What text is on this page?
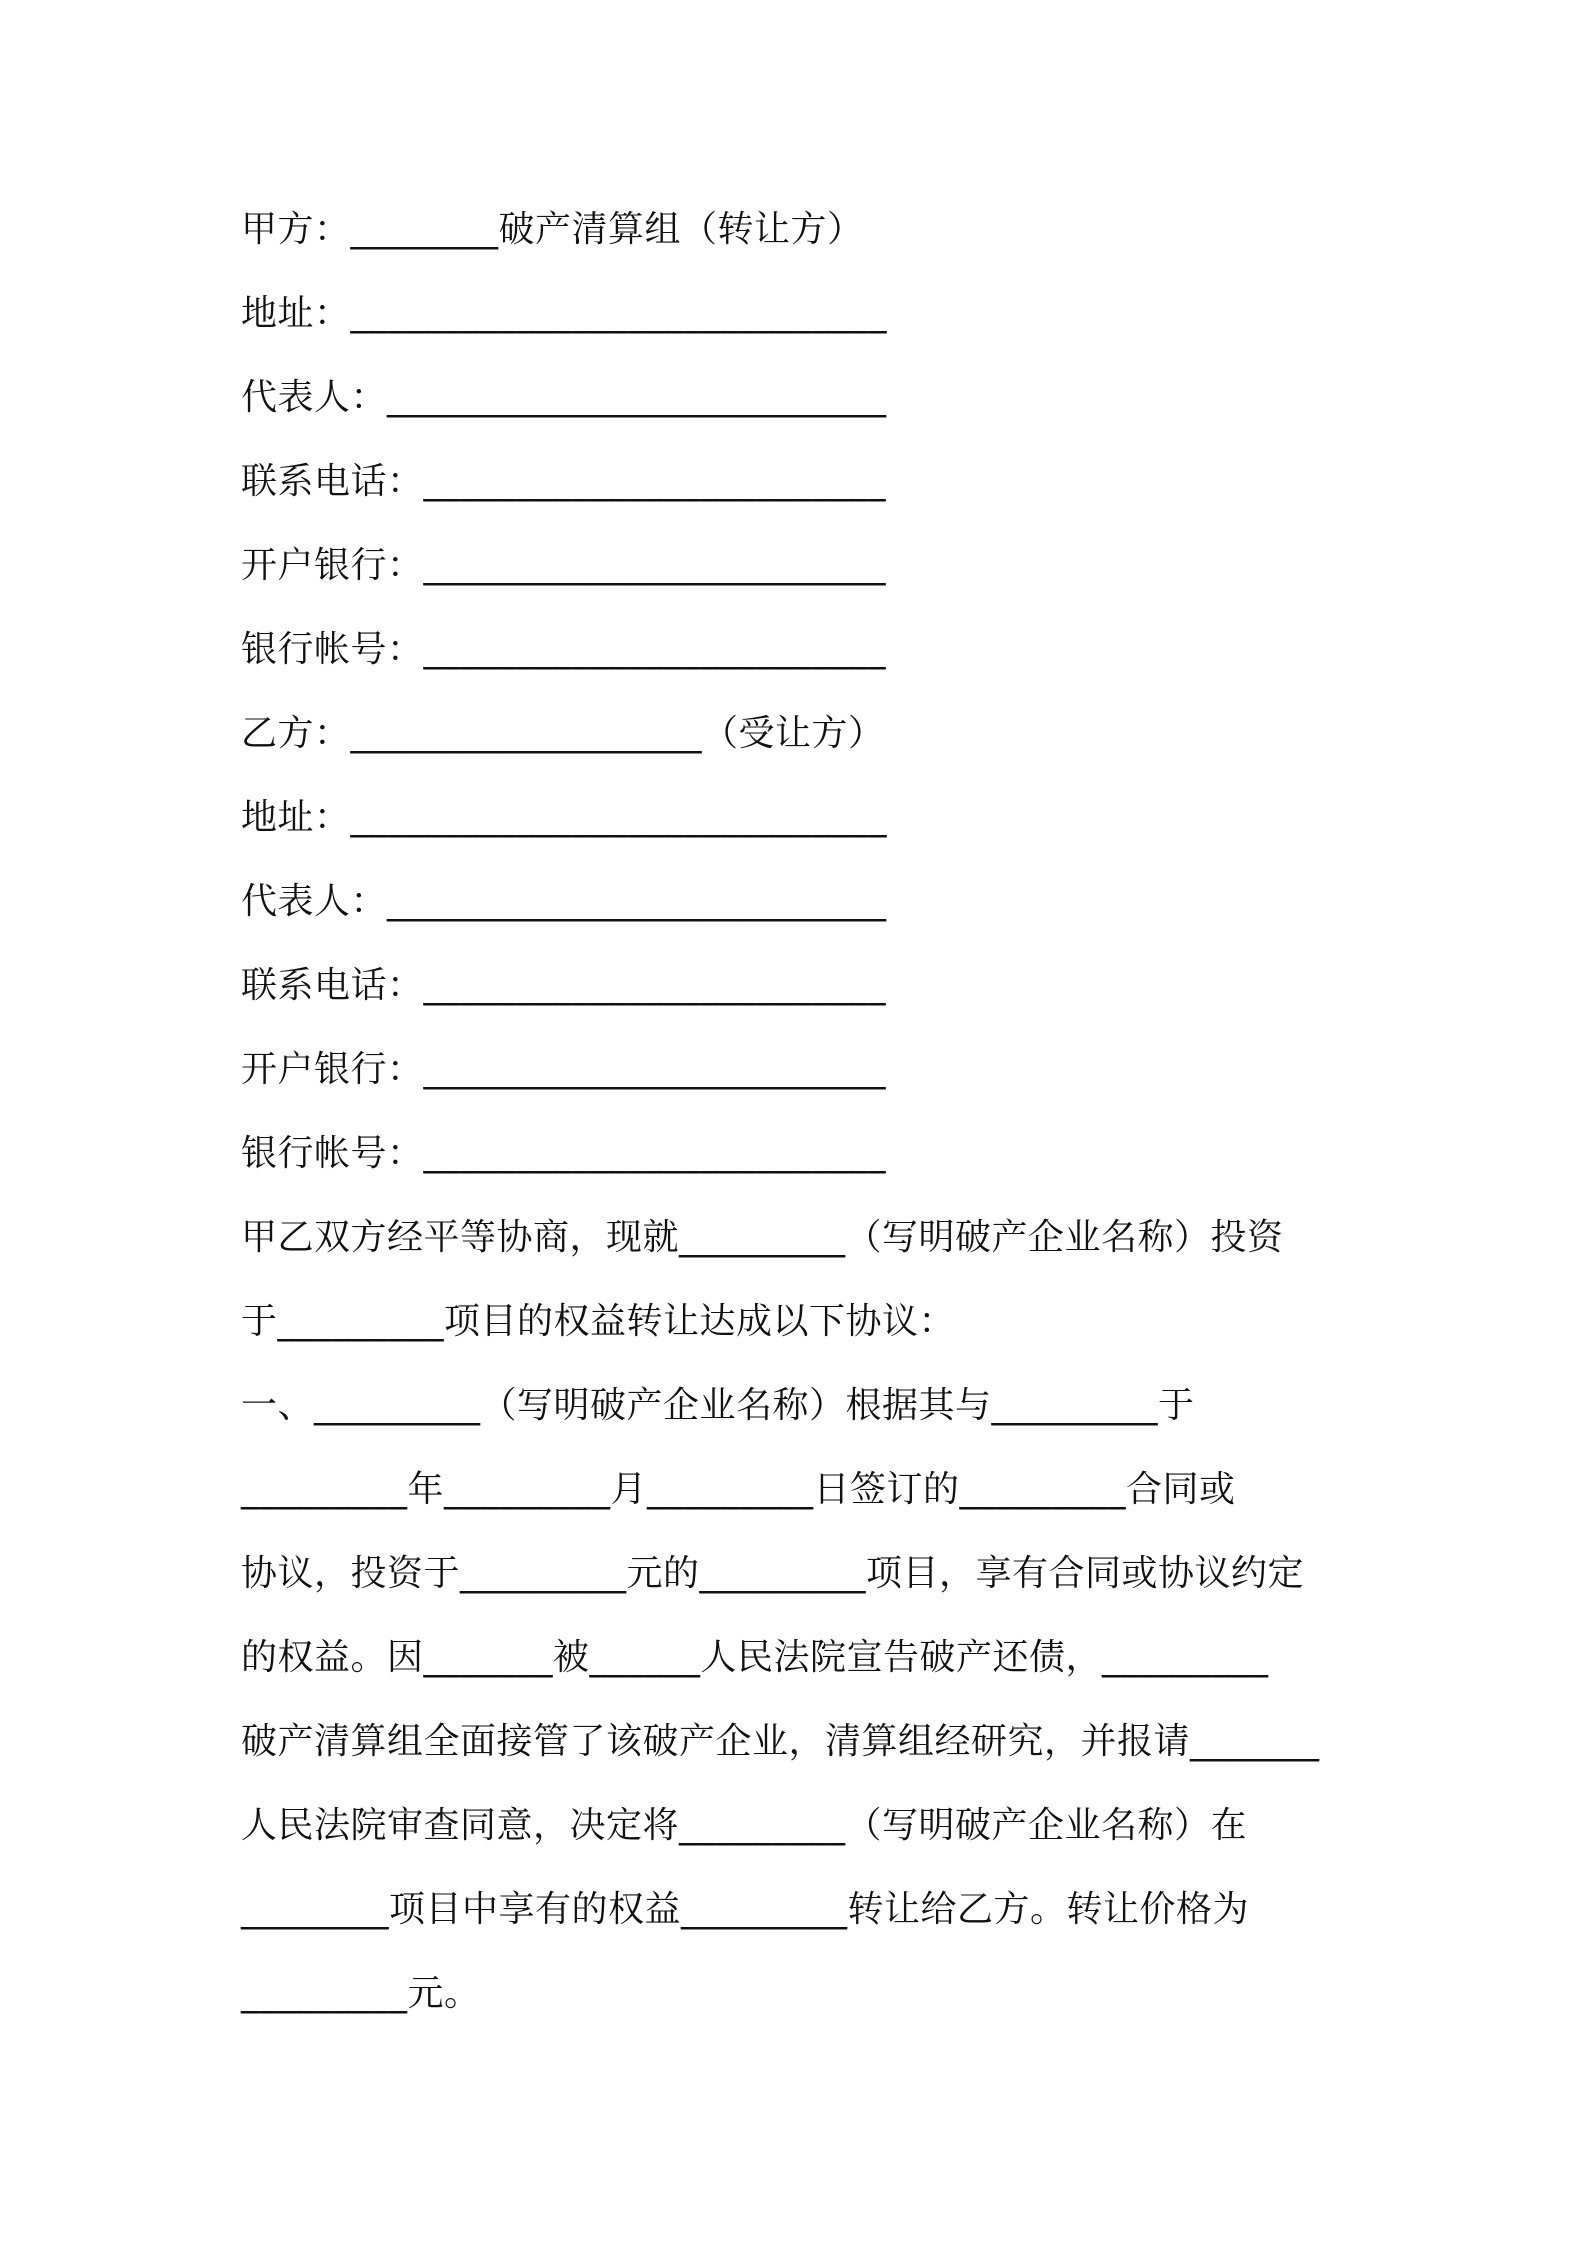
甲方：________破产清算组（转让方）
地址：_____________________________
代表人：___________________________
联系电话：_________________________
开户银行：_________________________
银行帐号：_________________________
乙方：___________________（受让方）
地址：_____________________________
代表人：___________________________
联系电话：_________________________
开户银行：_________________________
银行帐号：_________________________
甲乙双方经平等协商，现就_________（写明破产企业名称）投资
于_________项目的权益转让达成以下协议：
一、_________（写明破产企业名称）根据其与_________于
_________年_________月_________日签订的_________合同或
协议，投资于_________元的_________项目，享有合同或协议约定
的权益。因_______被______人民法院宣告破产还债，_________
破产清算组全面接管了该破产企业，清算组经研究，并报请_______
人民法院审查同意，决定将_________（写明破产企业名称）在
________项目中享有的权益_________转让给乙方。转让价格为
_________元。
